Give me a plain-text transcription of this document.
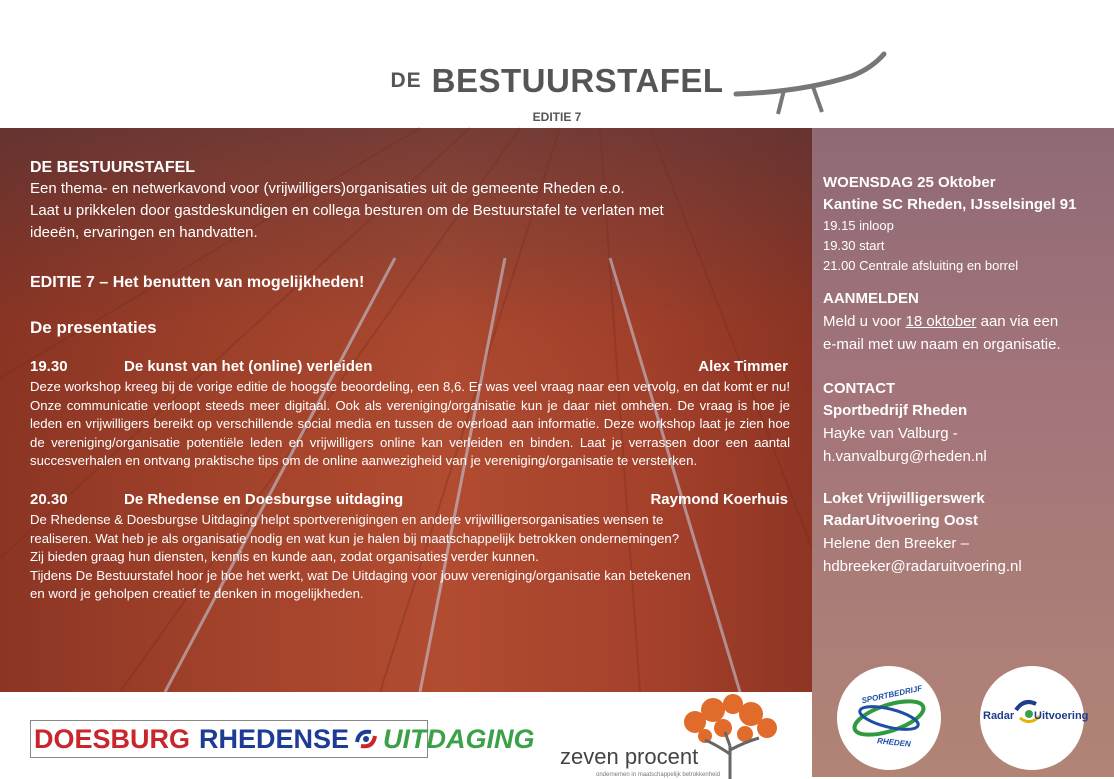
DE BESTUURSTAFEL
EDITIE 7
DE BESTUURSTAFEL
Een thema- en netwerkavond voor (vrijwilligers)organisaties uit de gemeente Rheden e.o.
Laat u prikkelen door gastdeskundigen en collega besturen om de Bestuurstafel te verlaten met
ideeën, ervaringen en handvatten.
EDITIE 7 – Het benutten van mogelijkheden!
De presentaties
19.30	De kunst van het (online) verleiden	Alex Timmer
Deze workshop kreeg bij de vorige editie de hoogste beoordeling, een 8,6. Er was veel vraag naar een vervolg, en dat komt er nu! Onze communicatie verloopt steeds meer digitaal. Ook als vereniging/organisatie kun je daar niet omheen. De vraag is hoe je leden en vrijwilligers bereikt op verschillende social media en tussen de overload aan informatie. Deze workshop laat je zien hoe de vereniging/organisatie potentiële leden en vrijwilligers online kan verleiden en binden. Laat je verrassen door een aantal succesverhalen en ontvang praktische tips om de online aanwezigheid van je vereniging/organisatie te versterken.
20.30	De Rhedense en Doesburgse uitdaging	Raymond Koerhuis
De Rhedense & Doesburgse Uitdaging helpt sportverenigingen en andere vrijwilligersorganisaties wensen te
realiseren. Wat heb je als organisatie nodig en wat kun je halen bij maatschappelijk betrokken ondernemingen?
Zij bieden graag hun diensten, kennis en kunde aan, zodat organisaties verder kunnen.
Tijdens De Bestuurstafel hoor je hoe het werkt, wat De Uitdaging voor jouw vereniging/organisatie kan betekenen
en word je geholpen creatief te denken in mogelijkheden.
WOENSDAG 25 Oktober
Kantine SC Rheden, IJsselsingel 91
19.15 inloop
19.30 start
21.00 Centrale afsluiting en borrel
AANMELDEN
Meld u voor 18 oktober aan via een
e-mail met uw naam en organisatie.
CONTACT
Sportbedrijf Rheden
Hayke van Valburg -
h.vanvalburg@rheden.nl
Loket Vrijwilligerswerk
RadarUitvoering Oost
Helene den Breeker –
hdbreeker@radaruitvoering.nl
SPORTBEDRIJF
RHEDEN
Radar Uitvoering
DOESBURG RHEDENSE UITDAGING
zeven procent
ondernemen in maatschappelijk betrokkenheid
